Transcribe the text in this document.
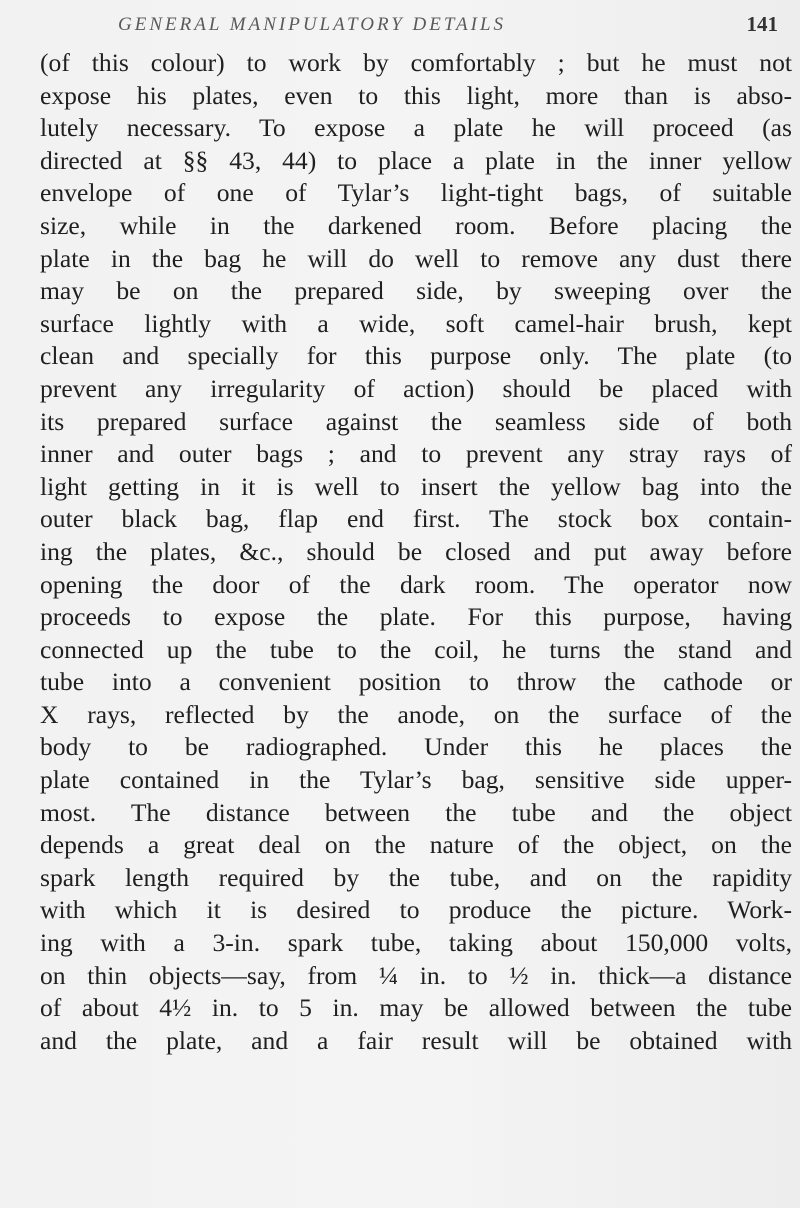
GENERAL MANIPULATORY DETAILS	141
(of this colour) to work by comfortably ; but he must not
expose his plates, even to this light, more than is abso-
lutely necessary. To expose a plate he will proceed (as
directed at §§ 43, 44) to place a plate in the inner yellow
envelope of one of Tylar’s light-tight bags, of suitable
size, while in the darkened room. Before placing the
plate in the bag he will do well to remove any dust there
may be on the prepared side, by sweeping over the
surface lightly with a wide, soft camel-hair brush, kept
clean and specially for this purpose only. The plate (to
prevent any irregularity of action) should be placed with
its prepared surface against the seamless side of both
inner and outer bags ; and to prevent any stray rays of
light getting in it is well to insert the yellow bag into the
outer black bag, flap end first. The stock box contain-
ing the plates, &c., should be closed and put away before
opening the door of the dark room. The operator now
proceeds to expose the plate. For this purpose, having
connected up the tube to the coil, he turns the stand and
tube into a convenient position to throw the cathode or
X rays, reflected by the anode, on the surface of the
body to be radiographed. Under this he places the
plate contained in the Tylar’s bag, sensitive side upper-
most. The distance between the tube and the object
depends a great deal on the nature of the object, on the
spark length required by the tube, and on the rapidity
with which it is desired to produce the picture. Work-
ing with a 3-in. spark tube, taking about 150,000 volts,
on thin objects—say, from ¼ in. to ½ in. thick—a distance
of about 4½ in. to 5 in. may be allowed between the tube
and the plate, and a fair result will be obtained with
